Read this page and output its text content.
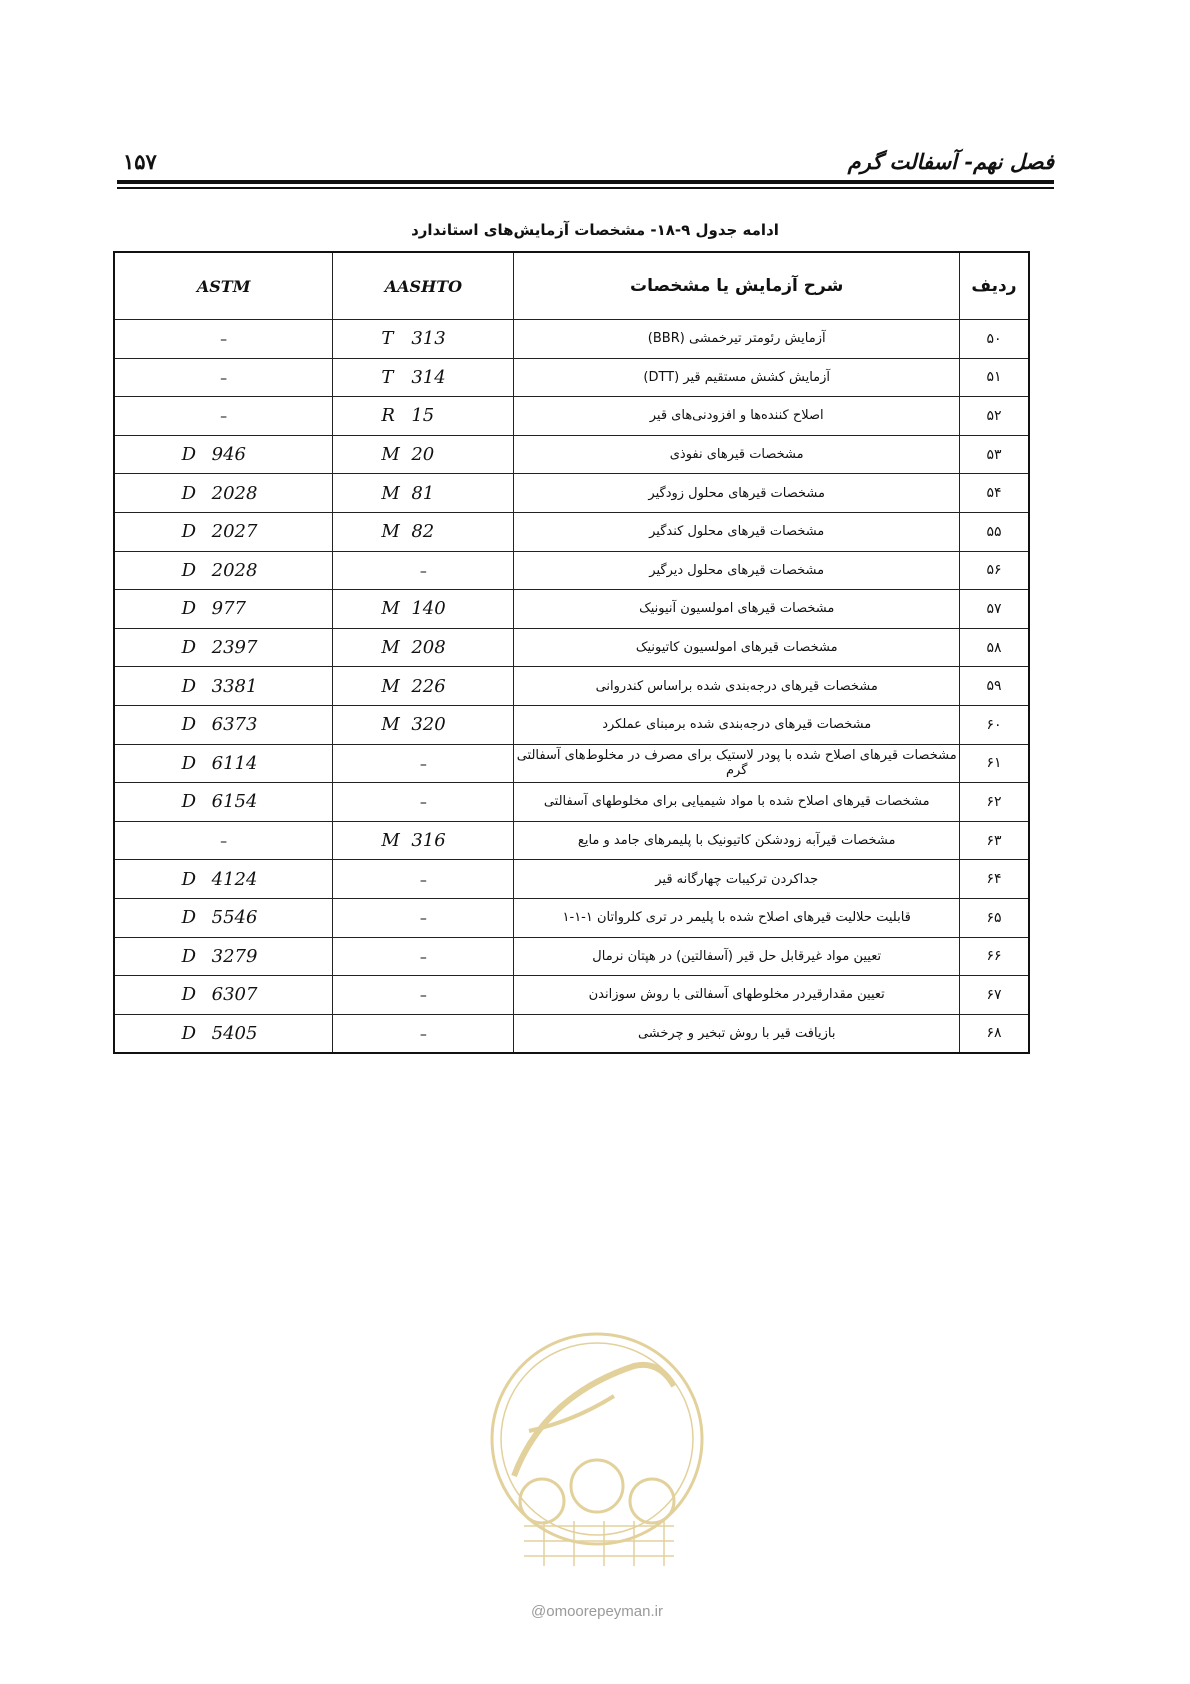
فصل نهم- آسفالت گرم
۱۵۷
ادامه جدول ۹-۱۸- مشخصات آزمایش‌های استاندارد
ردیف	شرح آزمایش یا مشخصات	AASHTO	ASTM
۵۰	آزمایش رئومتر تیرخمشی (BBR)	T 313	–
۵۱	آزمایش کشش مستقیم قیر (DTT)	T 314	–
۵۲	اصلاح کننده‌ها و افزودنی‌های قیر	R 15	–
۵۳	مشخصات قیرهای نفوذی	M 20	D 946

۵۴	مشخصات قیرهای محلول زودگیر	M 81	D 2028

۵۵	مشخصات قیرهای محلول کندگیر	M 82	D 2027

۵۶	مشخصات قیرهای محلول دیرگیر	–	D 2028

۵۷	مشخصات قیرهای امولسیون آنیونیک	M 140	D 977

۵۸	مشخصات قیرهای امولسیون کاتیونیک	M 208	D 2397

۵۹	مشخصات قیرهای درجه‌بندی شده براساس کندروانی	M 226	D 3381

۶۰	مشخصات قیرهای درجه‌بندی شده برمبنای عملکرد	M 320	D 6373

۶۱	مشخصات قیرهای اصلاح شده با پودر لاستیک برای مصرف در مخلوط‌های آسفالتی گرم	–	D 6114

۶۲	مشخصات قیرهای اصلاح شده با مواد شیمیایی برای مخلوطهای آسفالتی	–	D 6154

۶۳	مشخصات قیرآبه زودشکن کاتیونیک با پلیمرهای جامد و مایع	M 316	–
۶۴	جداکردن ترکیبات چهارگانه قیر	–	D 4124

۶۵	قابلیت حلالیت قیرهای اصلاح شده با پلیمر در تری کلرواتان ۱-۱-۱	–	D 5546

۶۶	تعیین مواد غیرقابل حل قیر (آسفالتین) در هپتان نرمال	–	D 3279

۶۷	تعیین مقدارقیردر مخلوطهای آسفالتی با روش سوزاندن	–	D 6307

۶۸	بازیافت قیر با روش تبخیر و چرخشی	–	D 5405
@omoorepeyman.ir
